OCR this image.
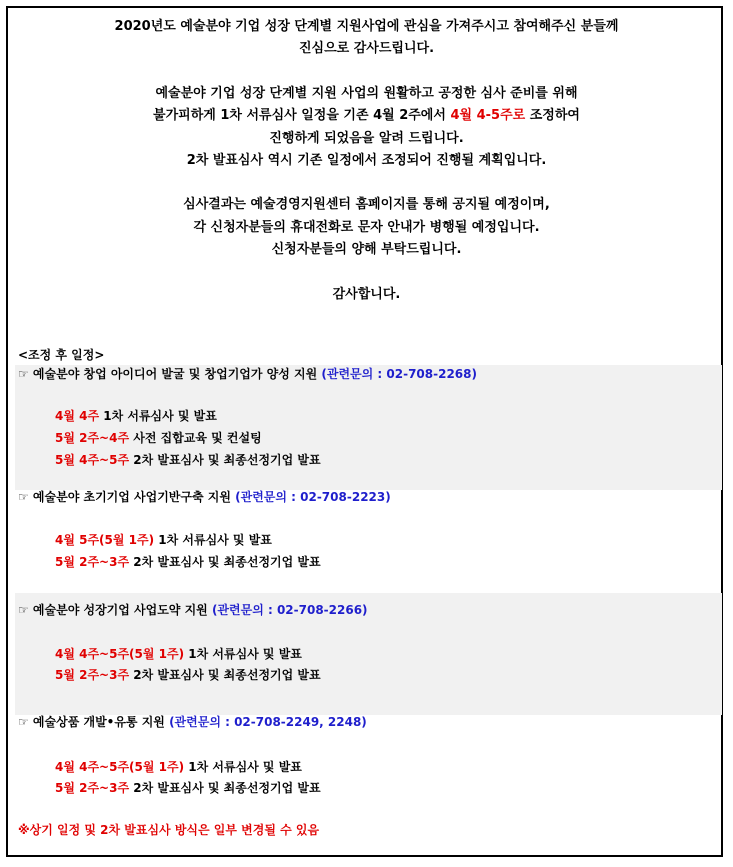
2020년도 예술분야 기업 성장 단계별 지원사업에 관심을 가져주시고 참여해주신 분들께

진심으로 감사드립니다.

예술분야 기업 성장 단계별 지원 사업의 원활하고 공정한 심사 준비를 위해

불가피하게 1차 서류심사 일정을 기존 4월 2주에서 4월 4-5주로 조정하여

진행하게 되었음을 알려 드립니다.

2차 발표심사 역시 기존 일정에서 조정되어 진행될 계획입니다.

심사결과는 예술경영지원센터 홈페이지를 통해 공지될 예정이며,

각 신청자분들의 휴대전화로 문자 안내가 병행될 예정입니다.

신청자분들의 양해 부탁드립니다.

감사합니다.

<조정 후 일정>
☞ 예술분야 창업 아이디어 발굴 및 창업기업가 양성 지원 (관련문의 : 02-708-2268)
4월 4주 1차 서류심사 및 발표
5월 2주~4주 사전 집합교육 및 컨설팅
5월 4주~5주 2차 발표심사 및 최종선정기업 발표
☞ 예술분야 초기기업 사업기반구축 지원 (관련문의 : 02-708-2223)
4월 5주(5월 1주) 1차 서류심사 및 발표
5월 2주~3주 2차 발표심사 및 최종선정기업 발표
☞ 예술분야 성장기업 사업도약 지원 (관련문의 : 02-708-2266)
4월 4주~5주(5월 1주) 1차 서류심사 및 발표
5월 2주~3주 2차 발표심사 및 최종선정기업 발표
☞ 예술상품 개발•유통 지원 (관련문의 : 02-708-2249, 2248)
4월 4주~5주(5월 1주) 1차 서류심사 및 발표
5월 2주~3주 2차 발표심사 및 최종선정기업 발표
※상기 일정 및 2차 발표심사 방식은 일부 변경될 수 있음
